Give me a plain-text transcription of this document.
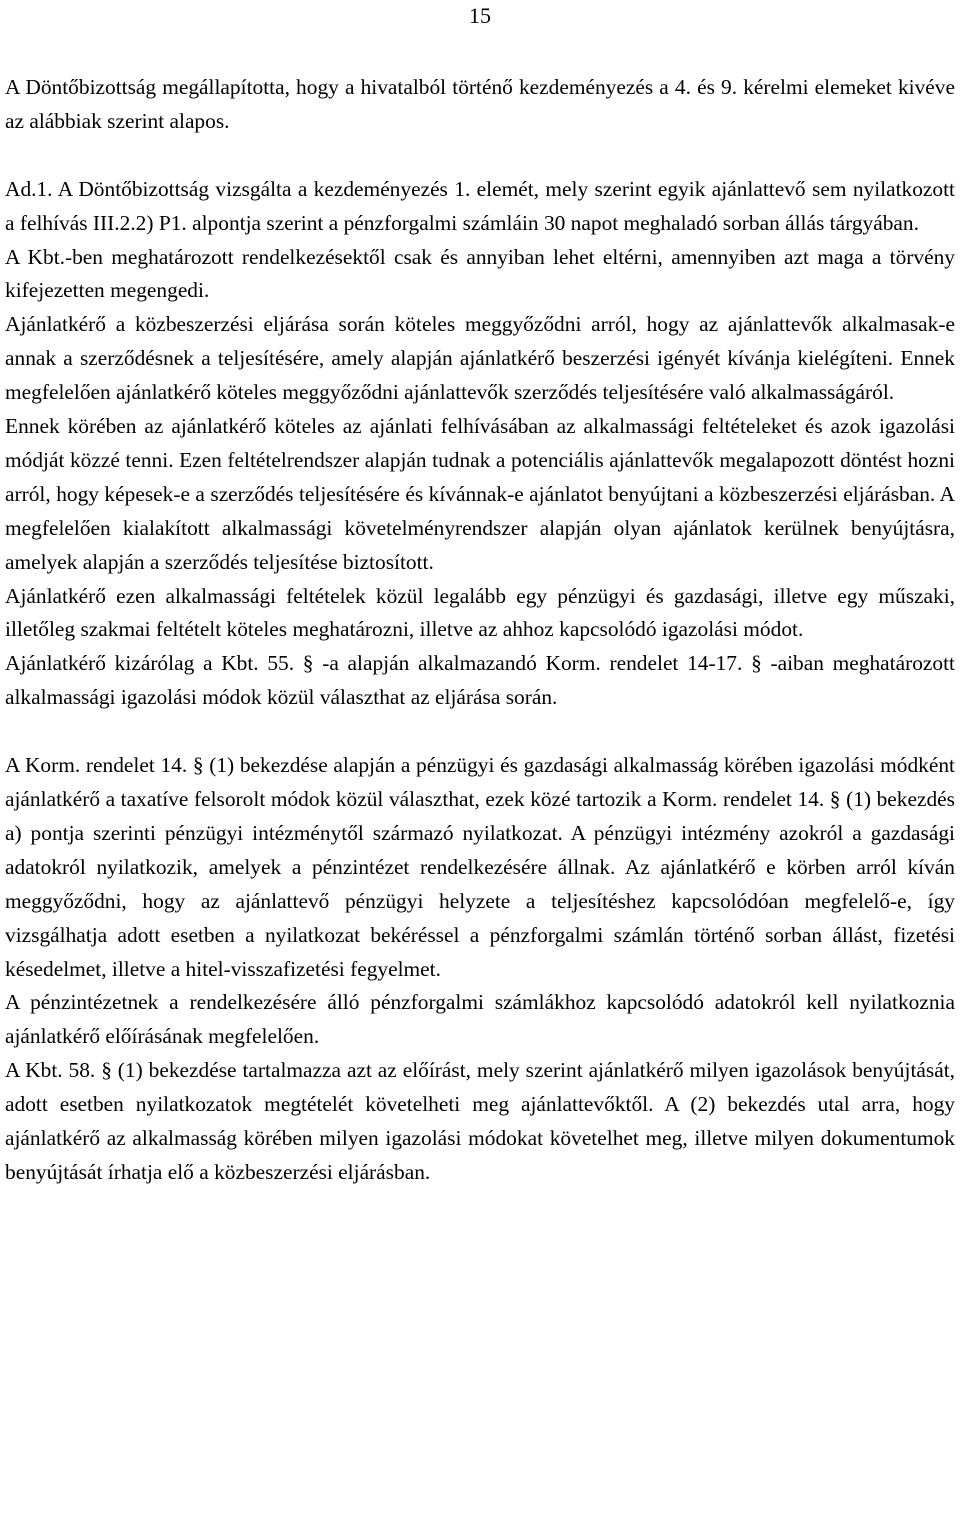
15

A Döntőbizottság megállapította, hogy a hivatalból történő kezdeményezés a 4. és 9. kérelmi elemeket kivéve az alábbiak szerint alapos.

Ad.1. A Döntőbizottság vizsgálta a kezdeményezés 1. elemét, mely szerint egyik ajánlattevő sem nyilatkozott a felhívás III.2.2) P1. alpontja szerint a pénzforgalmi számláin 30 napot meghaladó sorban állás tárgyában.

A Kbt.-ben meghatározott rendelkezésektől csak és annyiban lehet eltérni, amennyiben azt maga a törvény kifejezetten megengedi.

Ajánlatkérő a közbeszerzési eljárása során köteles meggyőződni arról, hogy az ajánlattevők alkalmasak-e annak a szerződésnek a teljesítésére, amely alapján ajánlatkérő beszerzési igényét kívánja kielégíteni. Ennek megfelelően ajánlatkérő köteles meggyőződni ajánlattevők szerződés teljesítésére való alkalmasságáról.

Ennek körében az ajánlatkérő köteles az ajánlati felhívásában az alkalmassági feltételeket és azok igazolási módját közzé tenni. Ezen feltételrendszer alapján tudnak a potenciális ajánlattevők megalapozott döntést hozni arról, hogy képesek-e a szerződés teljesítésére és kívánnak-e ajánlatot benyújtani a közbeszerzési eljárásban. A megfelelően kialakított alkalmassági követelményrendszer alapján olyan ajánlatok kerülnek benyújtásra, amelyek alapján a szerződés teljesítése biztosított.

Ajánlatkérő ezen alkalmassági feltételek közül legalább egy pénzügyi és gazdasági, illetve egy műszaki, illetőleg szakmai feltételt köteles meghatározni, illetve az ahhoz kapcsolódó igazolási módot.

Ajánlatkérő kizárólag a Kbt. 55. § -a alapján alkalmazandó Korm. rendelet 14-17. § -aiban meghatározott alkalmassági igazolási módok közül választhat az eljárása során.

A Korm. rendelet 14. § (1) bekezdése alapján a pénzügyi és gazdasági alkalmasság körében igazolási módként ajánlatkérő a taxatíve felsorolt módok közül választhat, ezek közé tartozik a Korm. rendelet 14. § (1) bekezdés a) pontja szerinti pénzügyi intézménytől származó nyilatkozat. A pénzügyi intézmény azokról a gazdasági adatokról nyilatkozik, amelyek a pénzintézet rendelkezésére állnak. Az ajánlatkérő e körben arról kíván meggyőződni, hogy az ajánlattevő pénzügyi helyzete a teljesítéshez kapcsolódóan megfelelő-e, így vizsgálhatja adott esetben a nyilatkozat bekéréssel a pénzforgalmi számlán történő sorban állást, fizetési késedelmet, illetve a hitel-visszafizetési fegyelmet.

A pénzintézetnek a rendelkezésére álló pénzforgalmi számlákhoz kapcsolódó adatokról kell nyilatkoznia ajánlatkérő előírásának megfelelően.

A Kbt. 58. § (1) bekezdése tartalmazza azt az előírást, mely szerint ajánlatkérő milyen igazolások benyújtását, adott esetben nyilatkozatok megtételét követelheti meg ajánlattevőktől. A (2) bekezdés utal arra, hogy ajánlatkérő az alkalmasság körében milyen igazolási módokat követelhet meg, illetve milyen dokumentumok benyújtását írhatja elő a közbeszerzési eljárásban.
